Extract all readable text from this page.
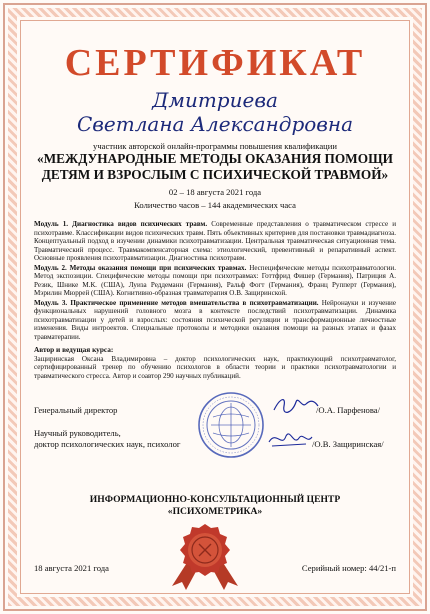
СЕРТИФИКАТ
Дмитриева
Светлана Александровна
участник авторской онлайн-программы повышения квалификации
«МЕЖДУНАРОДНЫЕ МЕТОДЫ ОКАЗАНИЯ ПОМОЩИ
ДЕТЯМ И ВЗРОСЛЫМ С ПСИХИЧЕСКОЙ ТРАВМОЙ»
02 – 18 августа 2021 года
Количество часов – 144 академических часа

Модуль 1. Диагностика видов психических травм. Современные представления о травматическом стрессе и психотравме. Классификации видов психических травм. Пять объективных критериев для постановки травмадиагноза. Концептуальный подход в изучении динамики психотравматизации. Центральная травматическая ситуационная тема. Травматический процесс. Травмакомпенсаторная схема: этиологический, превентивный и репаративный аспект. Основные проявления психотравматизации. Диагностика психотравм.

Модуль 2. Методы оказания помощи при психических травмах. Неспецифические методы психотравматологии. Метод экспозиции. Специфические методы помощи при психотравмах: Готтфрид Фишер (Германия), Патриция А. Резик, Шнике М.К. (США), Луиза Реддеманн (Германия), Ральф Фогт (Германия), Франц Рупперт (Германия), Мэрилин Мюррей (США). Когнитивно-образная травматерапия О.В. Защиринской.

Модуль 3. Практическое применение методов вмешательства в психотравматизации. Нейронауки и изучение функциональных нарушений головного мозга в контексте последствий психотравматизации. Динамика психотравматизации у детей и взрослых: состояния психической регуляции и трансформационные личностные изменения. Виды интроектов. Специальные протоколы и методики оказания помощи на разных этапах и фазах травматерапии.

Автор и ведущая курса:
Защиринская Оксана Владимировна – доктор психологических наук, практикующий психотравматолог, сертифицированный тренер по обучению психологов в области теории и практики психотравматологии и травматического стресса. Автор и соавтор 290 научных публикаций.
Генеральный директор	/О.А. Парфенова/
Научный руководитель,
доктор психологических наук, психолог	/О.В. Защиринская/
ИНФОРМАЦИОННО-КОНСУЛЬТАЦИОННЫЙ ЦЕНТР
«ПСИХОМЕТРИКА»
18 августа 2021 года	Серийный номер: 44/21-п
